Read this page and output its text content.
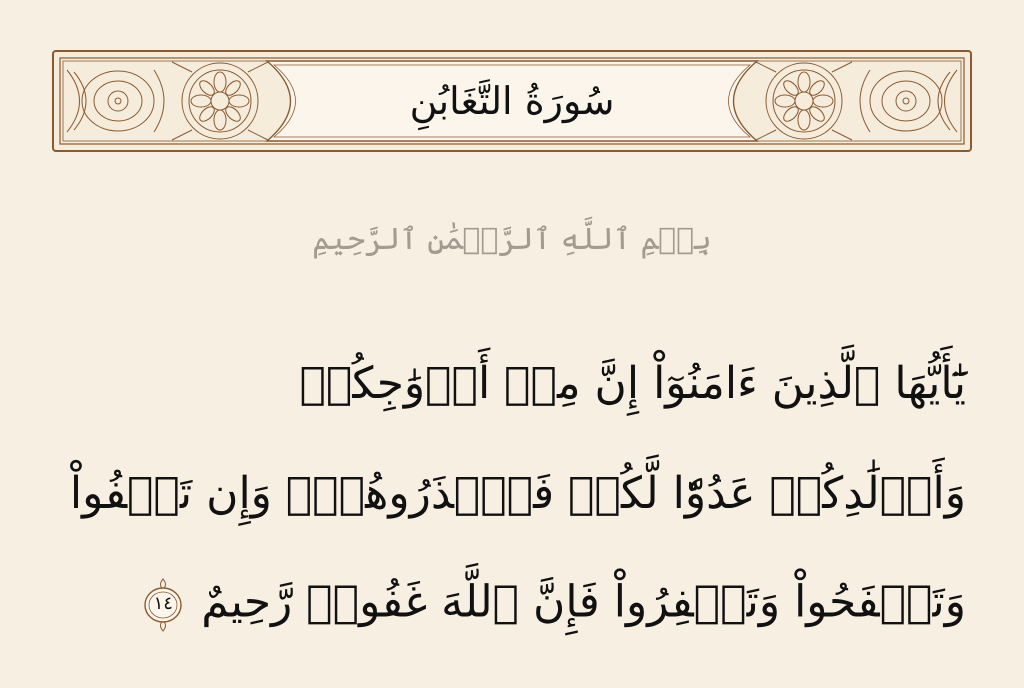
سُورَةُ التَّغَابُنِ
بِسۡمِ ٱللَّهِ ٱلرَّحۡمَٰنِ ٱلرَّحِيمِ
يَٰٓأَيُّهَا ٱلَّذِينَ ءَامَنُوٓاْ إِنَّ مِنۡ أَزۡوَٰجِكُمۡ
وَأَوۡلَٰدِكُمۡ عَدُوّٗا لَّكُمۡ فَٱحۡذَرُوهُمۡۚ وَإِن تَعۡفُواْ
وَتَصۡفَحُواْ وَتَغۡفِرُواْ فَإِنَّ ٱللَّهَ غَفُورٞ رَّحِيمٌ
١٤
